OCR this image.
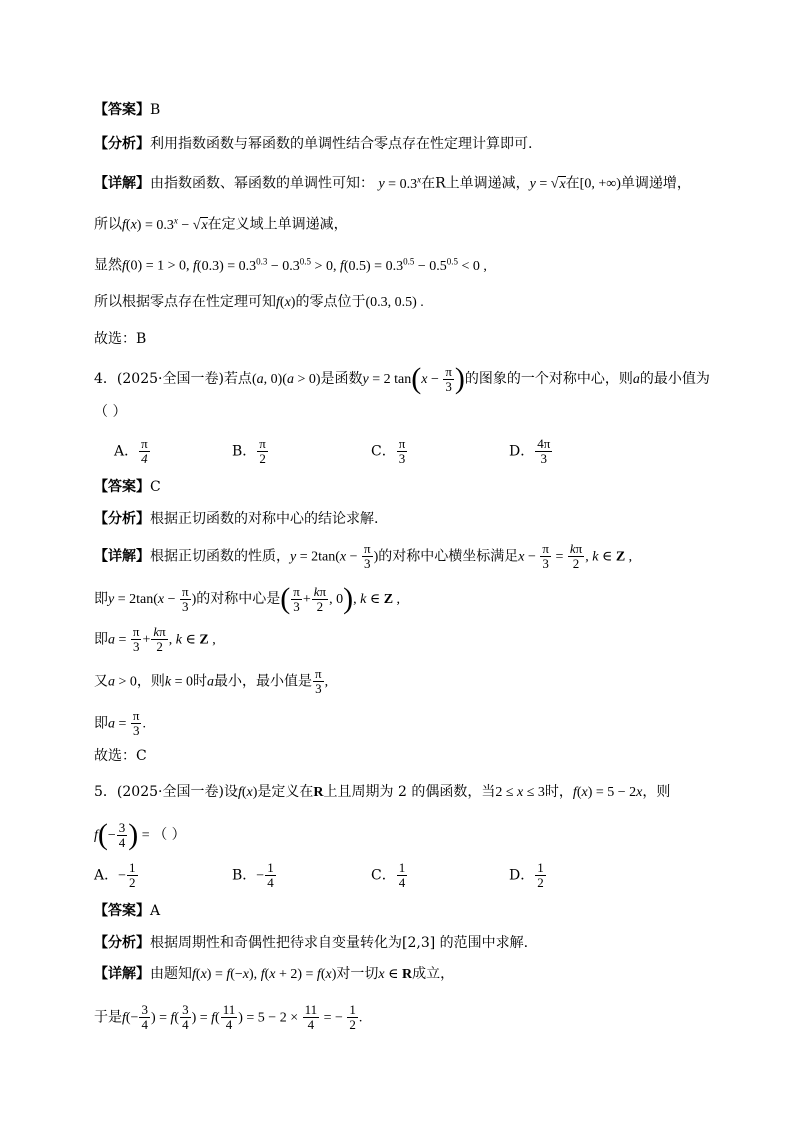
【答案】B
【分析】利用指数函数与幂函数的单调性结合零点存在性定理计算即可.
【详解】由指数函数、幂函数的单调性可知： $y = 0.3^x$在R上单调递减，y = √x在[0, +∞)单调递增，
所以$f(x) = 0.3^x - √x$在定义域上单调递减，
显然f(0) = 1 > 0, $f(0.3) = 0.3^{0.3} - 0.3^{0.5} > 0$, $f(0.5) = 0.3^{0.5} - 0.5^{0.5} < 0$ ,
所以根据零点存在性定理可知f(x)的零点位于(0.3, 0.5) .
故选：B
4．(2025·全国一卷)若点(a, 0)(a > 0)是函数y = 2 $\tan(x - \frac{\pi}{3}$ )的图象的一个对称中心，则a的最小值为
（ ）
A． $\frac{\pi}{4}$	B． $\frac{\pi}{2}$	C． $\frac{\pi}{3}$	D． $\frac{4\pi}{3}$
【答案】C
【分析】根据正切函数的对称中心的结论求解.
【详解】根据正切函数的性质，$y = 2\tan(x - \frac{\pi}{3}$ )的对称中心横坐标满足$x - \frac{\pi}{3} = \frac{k\pi}{2}$ , k ∈ Z ,
即$y = 2\tan(x - \frac{\pi}{3}$ )的对称中心是( $\frac{\pi}{3} + \frac{k\pi}{2}$ , 0), k ∈ Z ,
即$a = \frac{\pi}{3} + \frac{k\pi}{2}$ , k ∈ Z ,
又a > 0，则k = 0时a最小，最小值是 $\frac{\pi}{3}$ ,
即$a = \frac{\pi}{3}$ .
故选：C
5．(2025·全国一卷)设f(x)是定义在R上且周期为 2 的偶函数，当2 ≤ x ≤ 3时，f(x) = 5 − 2x，则
$f(- \frac{3}{4}$ ) = （ ）
A．− $\frac{1}{2}$	B．− $\frac{1}{4}$	C． $\frac{1}{4}$	D． $\frac{1}{2}$
【答案】A
【分析】根据周期性和奇偶性把待求自变量转化为[2,3] 的范围中求解.
【详解】由题知f(x) = f(−x), f(x + 2) = f(x)对一切x ∈ R成立，
于是$f(- \frac{3}{4}$ ) = $f( \frac{3}{4}$ ) = $f( \frac{11}{4}$ ) = $5 - 2 \times \frac{11}{4}$ = − $\frac{1}{2}$ .
